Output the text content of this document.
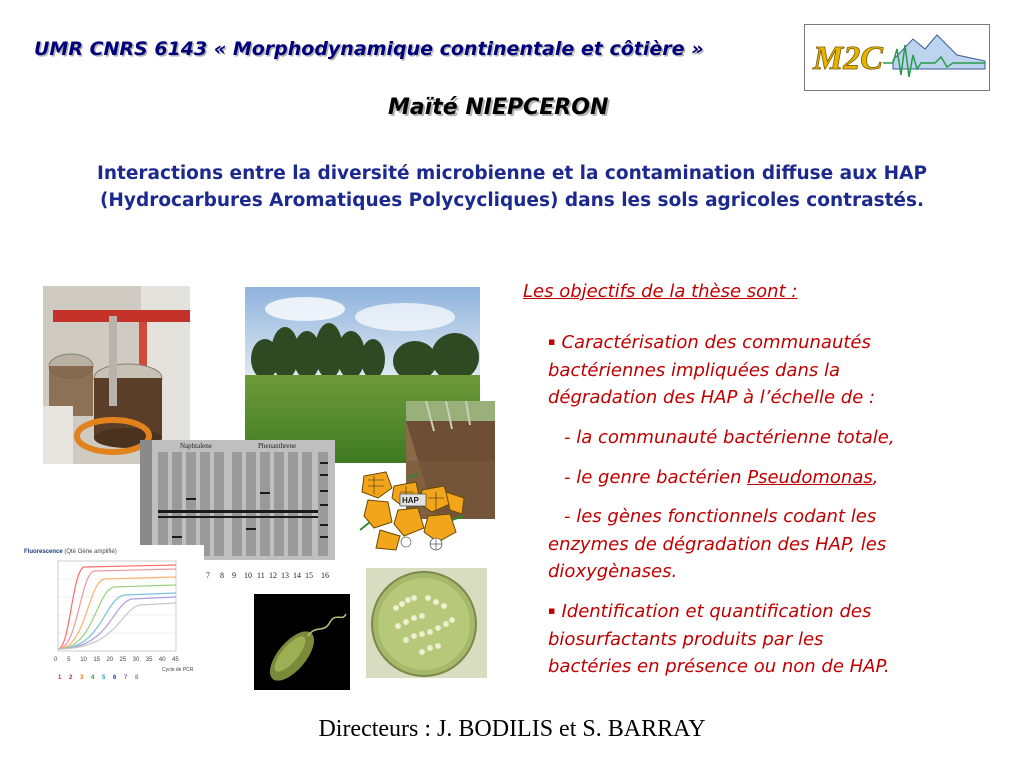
UMR CNRS 6143 « Morphodynamique continentale et côtière »	M2C
Maïté NIEPCERON
Interactions entre la diversité microbienne et la contamination diffuse aux HAP
(Hydrocarbures Aromatiques Polycycliques) dans les sols agricoles contrastés.
Les objectifs de la thèse sont :
▪ Caractérisation des communautés
bactériennes impliquées dans la
dégradation des HAP à l’échelle de :
- la communauté bactérienne totale,
- le genre bactérien Pseudomonas,
- les gènes fonctionnels codant les
enzymes de dégradation des HAP, les
dioxygènases.
▪ Identification et quantification des
biosurfactants produits par les
bactéries en présence ou non de HAP.
Naphtalene	Phenanthrene
7 8 9 10 11 12 13 14 15 16
Fluorescence (Qté Gène amplifié)
0 5 10 15 20 25 30 35 40 45
Cycle de PCR
1 2 3 4 5 6 7 8
HAP
Directeurs : J. BODILIS et S. BARRAY
